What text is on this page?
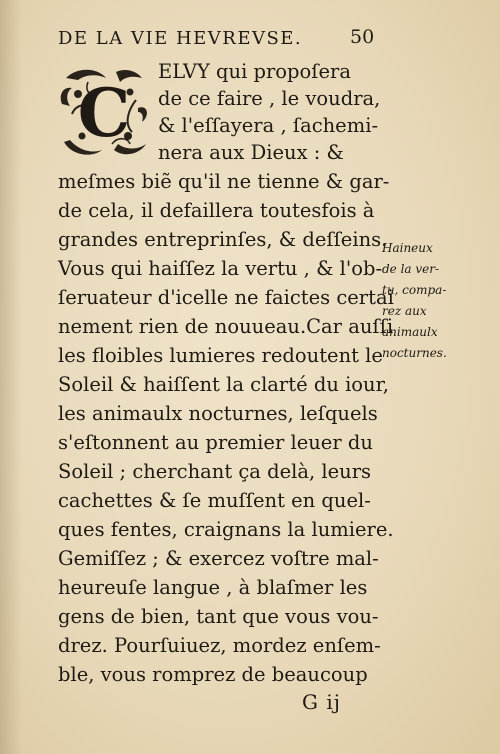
DE LA VIE HEVREVSE.	50
C
ELVY qui propoſera
de ce faire , le voudra,
& l'eſſayera , ſachemi-
nera aux Dieux : &
meſmes biẽ qu'il ne tienne & gar-
de cela, il defaillera toutesfois à
grandes entreprinſes, & deſſeins.
Vous qui haiſſez la vertu , & l'ob-
ſeruateur d'icelle ne faictes certai
nement rien de nouueau.Car auſſi
les floibles lumieres redoutent le
Soleil & haiſſent la clarté du iour,
les animaulx nocturnes, leſquels
s'eſtonnent au premier leuer du
Soleil ; cherchant ça delà, leurs
cachettes & ſe muſſent en quel-
ques fentes, craignans la lumiere.
Gemiſſez ; & exercez voſtre mal-
heureuſe langue , à blaſmer les
gens de bien, tant que vous vou-
drez. Pourſuiuez, mordez enſem-
ble, vous romprez de beaucoup
Haineux
de la ver-
tu, compa-
rez aux
animaulx
nocturnes.
G ij
